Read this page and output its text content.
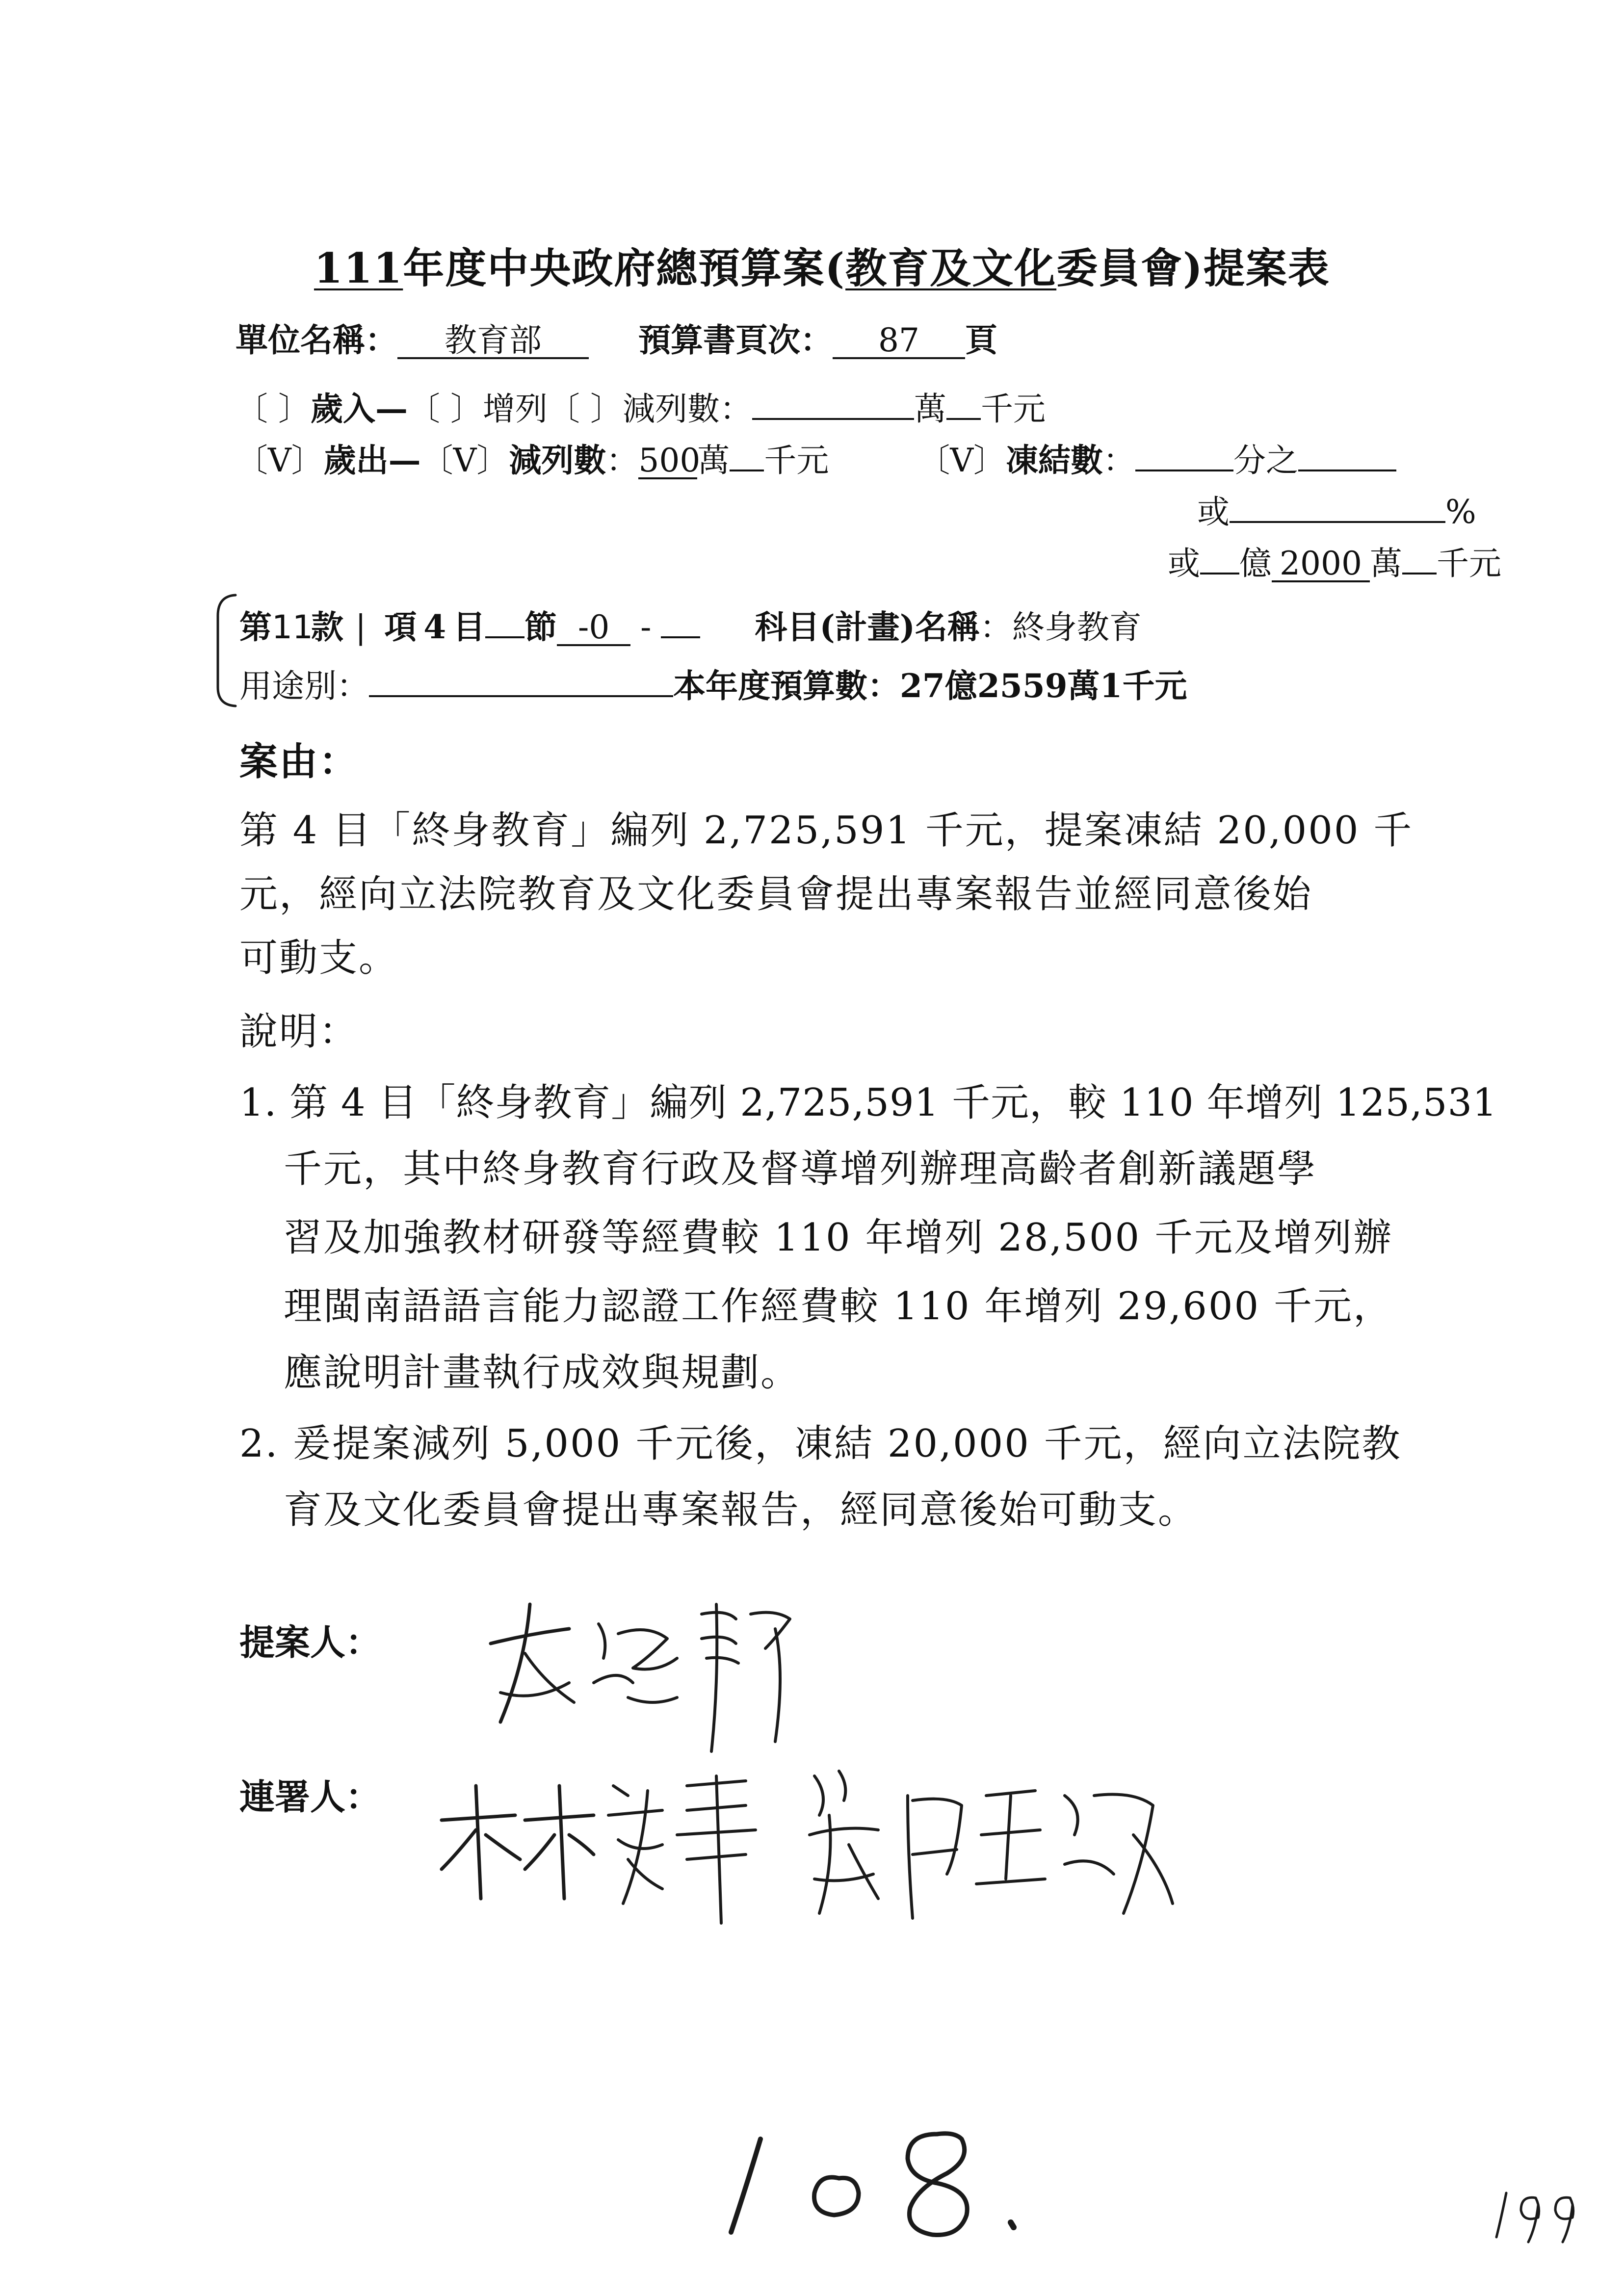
111年度中央政府總預算案(教育及文化委員會)提案表
單位名稱： 教育部	預算書頁次： 87 頁
〔 〕歲入—〔 〕增列〔 〕減列數：	萬 千元
〔V〕歲出—〔V〕減列數：500萬 千元	〔V〕凍結數：	分之
或	%
或 億 2000 萬 千元
第11款 | 項 4 目 節 -0 -	科目(計畫)名稱：終身教育
用途別：	本年度預算數：27億2559萬1千元
案由：
第 4 目「終身教育」編列 2,725,591 千元，提案凍結 20,000 千
元，經向立法院教育及文化委員會提出專案報告並經同意後始
可動支。
說明：
1. 第 4 目「終身教育」編列 2,725,591 千元，較 110 年增列 125,531
千元，其中終身教育行政及督導增列辦理高齡者創新議題學
習及加強教材研發等經費較 110 年增列 28,500 千元及增列辦
理閩南語語言能力認證工作經費較 110 年增列 29,600 千元，
應說明計畫執行成效與規劃。
2. 爰提案減列 5,000 千元後，凍結 20,000 千元，經向立法院教
育及文化委員會提出專案報告，經同意後始可動支。
提案人：
連署人：
